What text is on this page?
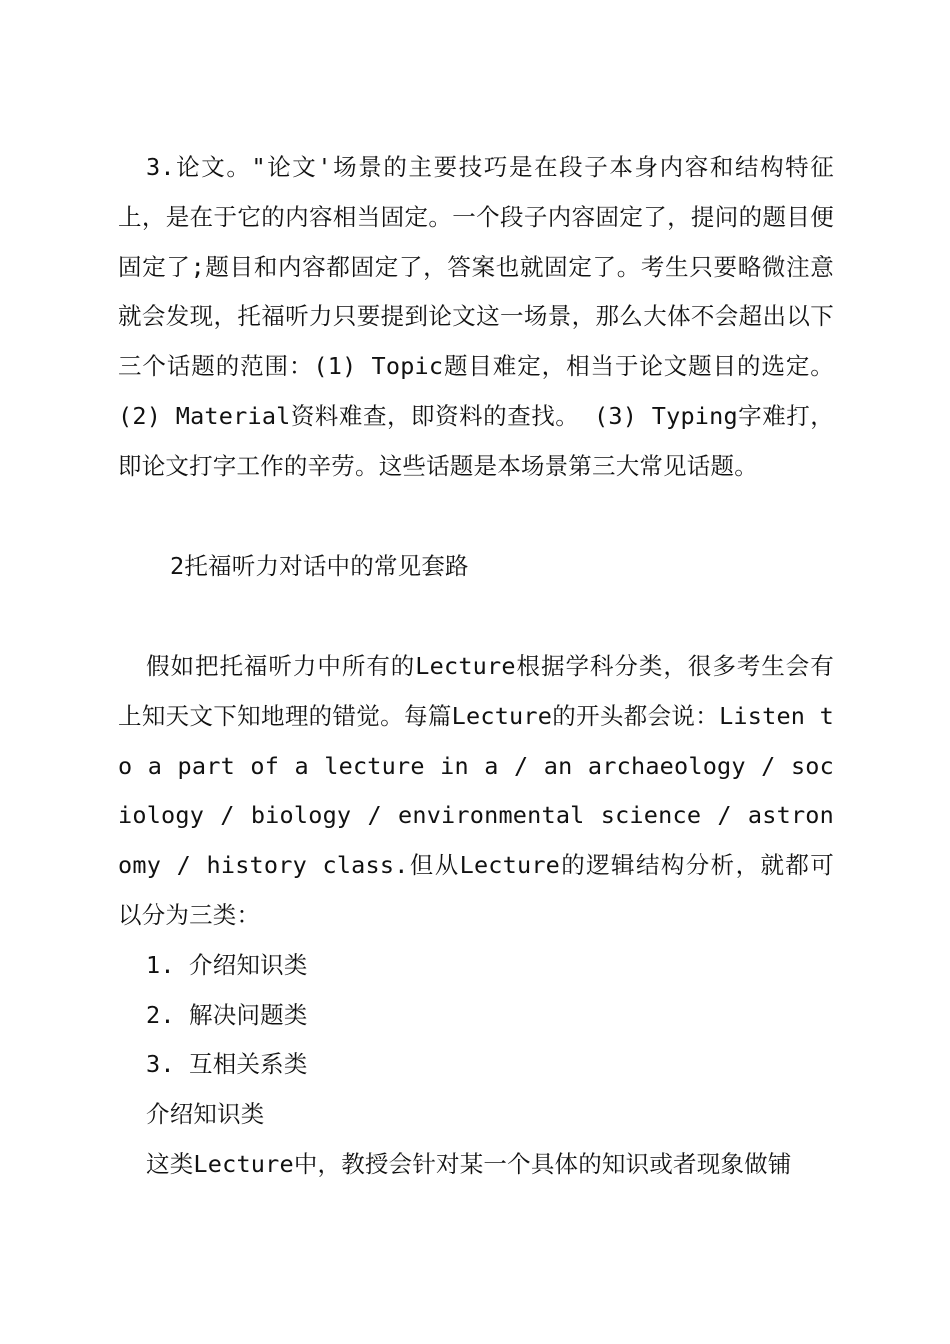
3.论文。"论文'场景的主要技巧是在段子本身内容和结构特征上，是在于它的内容相当固定。一个段子内容固定了，提问的题目便固定了;题目和内容都固定了，答案也就固定了。考生只要略微注意就会发现，托福听力只要提到论文这一场景，那么大体不会超出以下三个话题的范围：(1) Topic题目难定，相当于论文题目的选定。(2) Material资料难查，即资料的查找。 (3) Typing字难打，即论文打字工作的辛劳。这些话题是本场景第三大常见话题。

2托福听力对话中的常见套路

假如把托福听力中所有的Lecture根据学科分类，很多考生会有上知天文下知地理的错觉。每篇Lecture的开头都会说：Listen to a part of a lecture in a / an archaeology / sociology / biology / environmental science / astronomy / history class.但从Lecture的逻辑结构分析，就都可以分为三类：

1. 介绍知识类

2. 解决问题类

3. 互相关系类

介绍知识类

这类Lecture中，教授会针对某一个具体的知识或者现象做铺
